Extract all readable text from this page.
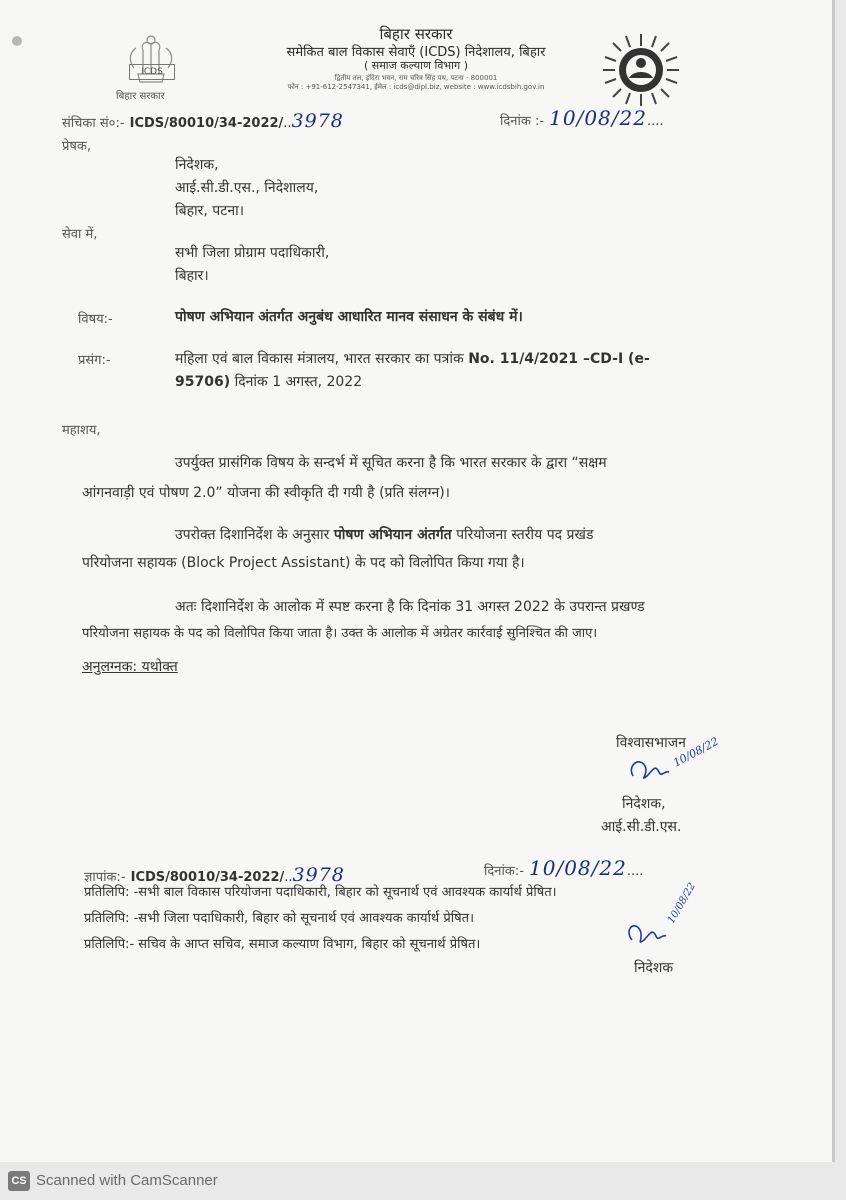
ICDS
बिहार सरकार
बिहार सरकार
समेकित बाल विकास सेवाएँ (ICDS) निदेशालय, बिहार
( समाज कल्याण विभाग )
द्वितीय तल, इंदिरा भवन, राम चरित्र सिंह पथ, पटना - 800001
फोन : +91-612-2547341, ईमेल : icds@dipl.biz, website : www.icdsbih.gov.in
संचिका सं०:- ICDS/80010/34-2022/..3978	दिनांक :- 10/08/22....
प्रेषक,
निदेशक,
आई.सी.डी.एस., निदेशालय,
बिहार, पटना।
सेवा में,
सभी जिला प्रोग्राम पदाधिकारी,
बिहार।
विषय:-	पोषण अभियान अंतर्गत अनुबंध आधारित मानव संसाधन के संबंध में।
प्रसंग:-	महिला एवं बाल विकास मंत्रालय, भारत सरकार का पत्रांक No. 11/4/2021 –CD-I (e-
95706) दिनांक 1 अगस्त, 2022
महाशय,
उपर्युक्त प्रासंगिक विषय के सन्दर्भ में सूचित करना है कि भारत सरकार के द्वारा “सक्षम
आंगनवाड़ी एवं पोषण 2.0” योजना की स्वीकृति दी गयी है (प्रति संलग्न)।
उपरोक्त दिशानिर्देश के अनुसार पोषण अभियान अंतर्गत परियोजना स्तरीय पद प्रखंड
परियोजना सहायक (Block Project Assistant) के पद को विलोपित किया गया है।
अतः दिशानिर्देश के आलोक में स्पष्ट करना है कि दिनांक 31 अगस्त 2022 के उपरान्त प्रखण्ड
परियोजना सहायक के पद को विलोपित किया जाता है। उक्त के आलोक में अग्रेतर कार्रवाई सुनिश्चित की जाए।
अनुलग्नक: यथोक्त
विश्वासभाजन
10/08/22
निदेशक,
आई.सी.डी.एस.
ज्ञापांक:- ICDS/80010/34-2022/..3978	दिनांक:- 10/08/22....
प्रतिलिपि: -सभी बाल विकास परियोजना पदाधिकारी, बिहार को सूचनार्थ एवं आवश्यक कार्यार्थ प्रेषित।
प्रतिलिपि: -सभी जिला पदाधिकारी, बिहार को सूचनार्थ एवं आवश्यक कार्यार्थ प्रेषित।
प्रतिलिपि:- सचिव के आप्त सचिव, समाज कल्याण विभाग, बिहार को सूचनार्थ प्रेषित।
10/08/22
निदेशक
CS Scanned with CamScanner
